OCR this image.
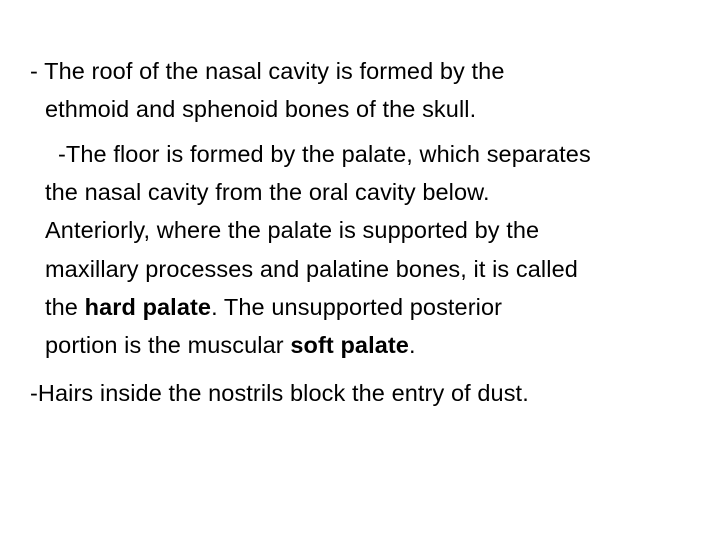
- The roof of the nasal cavity is formed by the
ethmoid and sphenoid bones of the skull.
-The floor is formed by the palate, which separates
the nasal cavity from the oral cavity below.
Anteriorly, where the palate is supported by the
maxillary processes and palatine bones, it is called
the hard palate. The unsupported posterior
portion is the muscular soft palate.
-Hairs inside the nostrils block the entry of dust.
